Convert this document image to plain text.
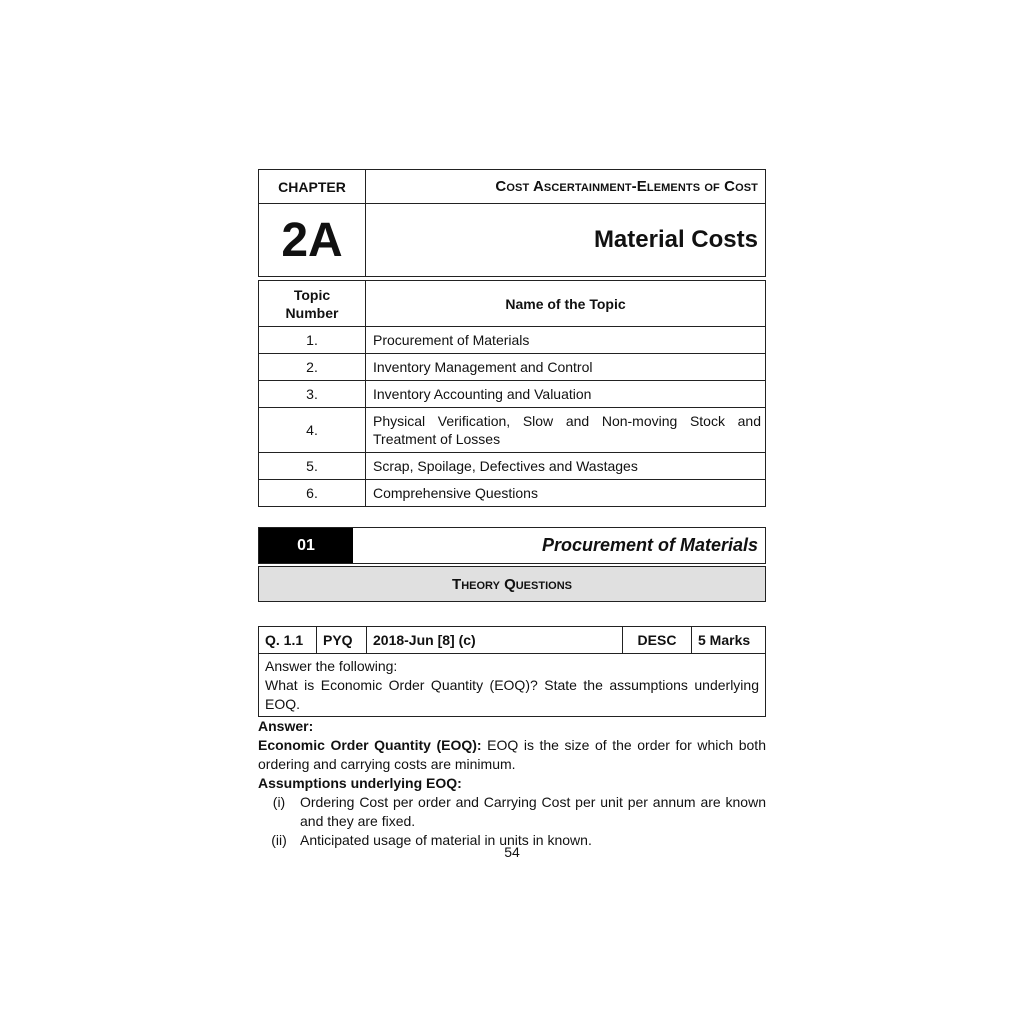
CHAPTER	Cost Ascertainment-Elements of Cost
2A	Material Costs
Topic Number	Name of the Topic
1.	Procurement of Materials
2.	Inventory Management and Control
3.	Inventory Accounting and Valuation
4.	Physical Verification, Slow and Non-moving Stock and Treatment of Losses
5.	Scrap, Spoilage, Defectives and Wastages
6.	Comprehensive Questions
01	Procurement of Materials
Theory Questions
Q. 1.1	PYQ	2018-Jun [8] (c)	DESC	5 Marks
Answer the following:
What is Economic Order Quantity (EOQ)? State the assumptions underlying EOQ.
Answer:
Economic Order Quantity (EOQ): EOQ is the size of the order for which both ordering and carrying costs are minimum.
Assumptions underlying EOQ:
(i)	Ordering Cost per order and Carrying Cost per unit per annum are known and they are fixed.
(ii) Anticipated usage of material in units in known.
54
